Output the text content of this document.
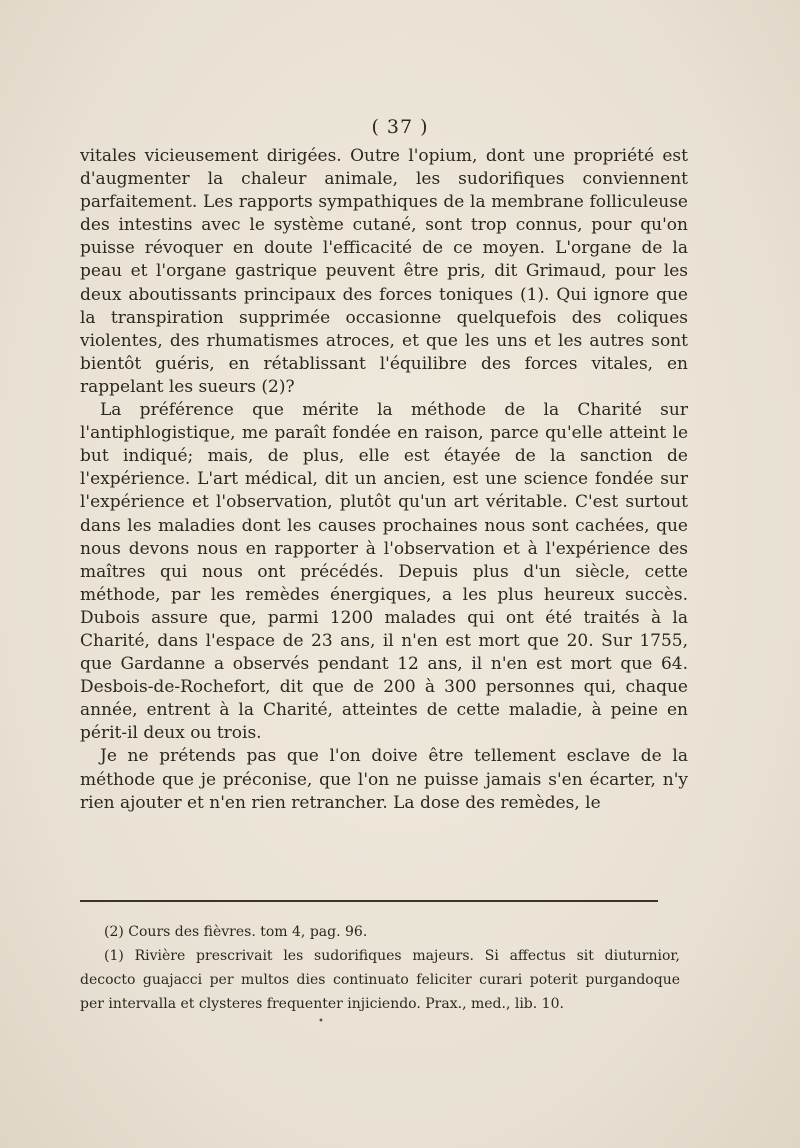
( 37 )

vitales vicieusement dirigées. Outre l'opium, dont une propriété est d'augmenter la chaleur animale, les sudorifiques conviennent parfaitement. Les rapports sympathiques de la membrane folliculeuse des intestins avec le système cutané, sont trop connus, pour qu'on puisse révoquer en doute l'efficacité de ce moyen. L'organe de la peau et l'organe gastrique peuvent être pris, dit Grimaud, pour les deux aboutissants principaux des forces toniques (1). Qui ignore que la transpiration supprimée occasionne quelquefois des coliques violentes, des rhumatismes atroces, et que les uns et les autres sont bientôt guéris, en rétablissant l'équilibre des forces vitales, en rappelant les sueurs (2)?

La préférence que mérite la méthode de la Charité sur l'antiphlogistique, me paraît fondée en raison, parce qu'elle atteint le but indiqué; mais, de plus, elle est étayée de la sanction de l'expérience. L'art médical, dit un ancien, est une science fondée sur l'expérience et l'observation, plutôt qu'un art véritable. C'est surtout dans les maladies dont les causes prochaines nous sont cachées, que nous devons nous en rapporter à l'observation et à l'expérience des maîtres qui nous ont précédés. Depuis plus d'un siècle, cette méthode, par les remèdes énergiques, a les plus heureux succès. Dubois assure que, parmi 1200 malades qui ont été traités à la Charité, dans l'espace de 23 ans, il n'en est mort que 20. Sur 1755, que Gardanne a observés pendant 12 ans, il n'en est mort que 64. Desbois-de-Rochefort, dit que de 200 à 300 personnes qui, chaque année, entrent à la Charité, atteintes de cette maladie, à peine en périt-il deux ou trois.

Je ne prétends pas que l'on doive être tellement esclave de la méthode que je préconise, que l'on ne puisse jamais s'en écarter, n'y rien ajouter et n'en rien retrancher. La dose des remèdes, le

(2) Cours des fièvres. tom 4, pag. 96.

(1) Rivière prescrivait les sudorifiques majeurs. Si affectus sit diuturnior, decocto guajacci per multos dies continuato feliciter curari poterit purgandoque per intervalla et clysteres frequenter injiciendo. Prax., med., lib. 10.

•
